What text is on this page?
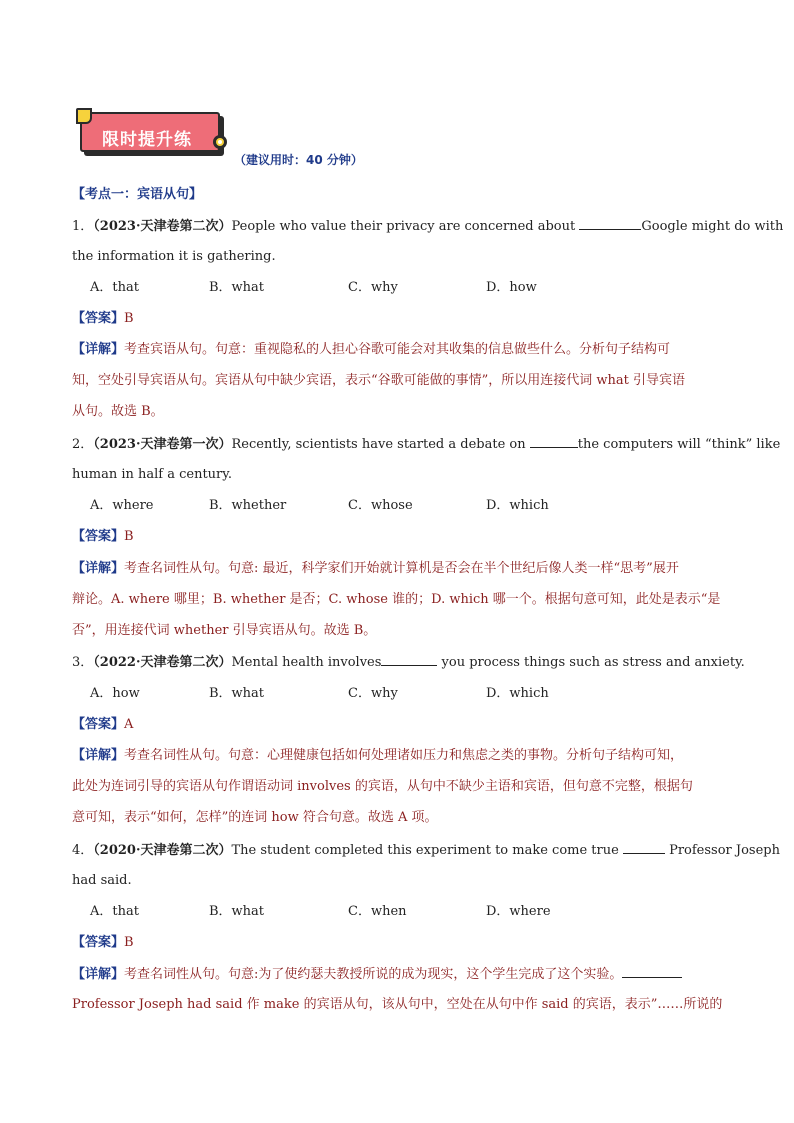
限时提升练
（建议用时：40 分钟）
【考点一：宾语从句】
1．（2023·天津卷第二次）People who value their privacy are concerned about	Google might do with
the information it is gathering.
A．that	B．what	C．why	D．how
【答案】B
【详解】考查宾语从句。句意：重视隐私的人担心谷歌可能会对其收集的信息做些什么。分析句子结构可
知，空处引导宾语从句。宾语从句中缺少宾语，表示“谷歌可能做的事情”，所以用连接代词 what 引导宾语
从句。故选 B。
2．（2023·天津卷第一次）Recently, scientists have started a debate on	the computers will “think” like
human in half a century.
A．where	B．whether	C．whose	D．which
【答案】B
【详解】考查名词性从句。句意: 最近，科学家们开始就计算机是否会在半个世纪后像人类一样“思考”展开
辩论。A. where 哪里；B. whether 是否；C. whose 谁的；D. which 哪一个。根据句意可知，此处是表示“是
否”，用连接代词 whether 引导宾语从句。故选 B。
3．（2022·天津卷第二次）Mental health involves	you process things such as stress and anxiety.
A．how	B．what	C．why	D．which
【答案】A
【详解】考查名词性从句。句意：心理健康包括如何处理诸如压力和焦虑之类的事物。分析句子结构可知，
此处为连词引导的宾语从句作谓语动词 involves 的宾语，从句中不缺少主语和宾语，但句意不完整，根据句
意可知，表示“如何，怎样”的连词 how 符合句意。故选 A 项。
4．（2020·天津卷第二次）The student completed this experiment to make come true	Professor Joseph
had said.
A．that	B．what	C．when	D．where
【答案】B
【详解】考查名词性从句。句意:为了使约瑟夫教授所说的成为现实，这个学生完成了这个实验。
Professor Joseph had said 作 make 的宾语从句，该从句中，空处在从句中作 said 的宾语，表示”……所说的
